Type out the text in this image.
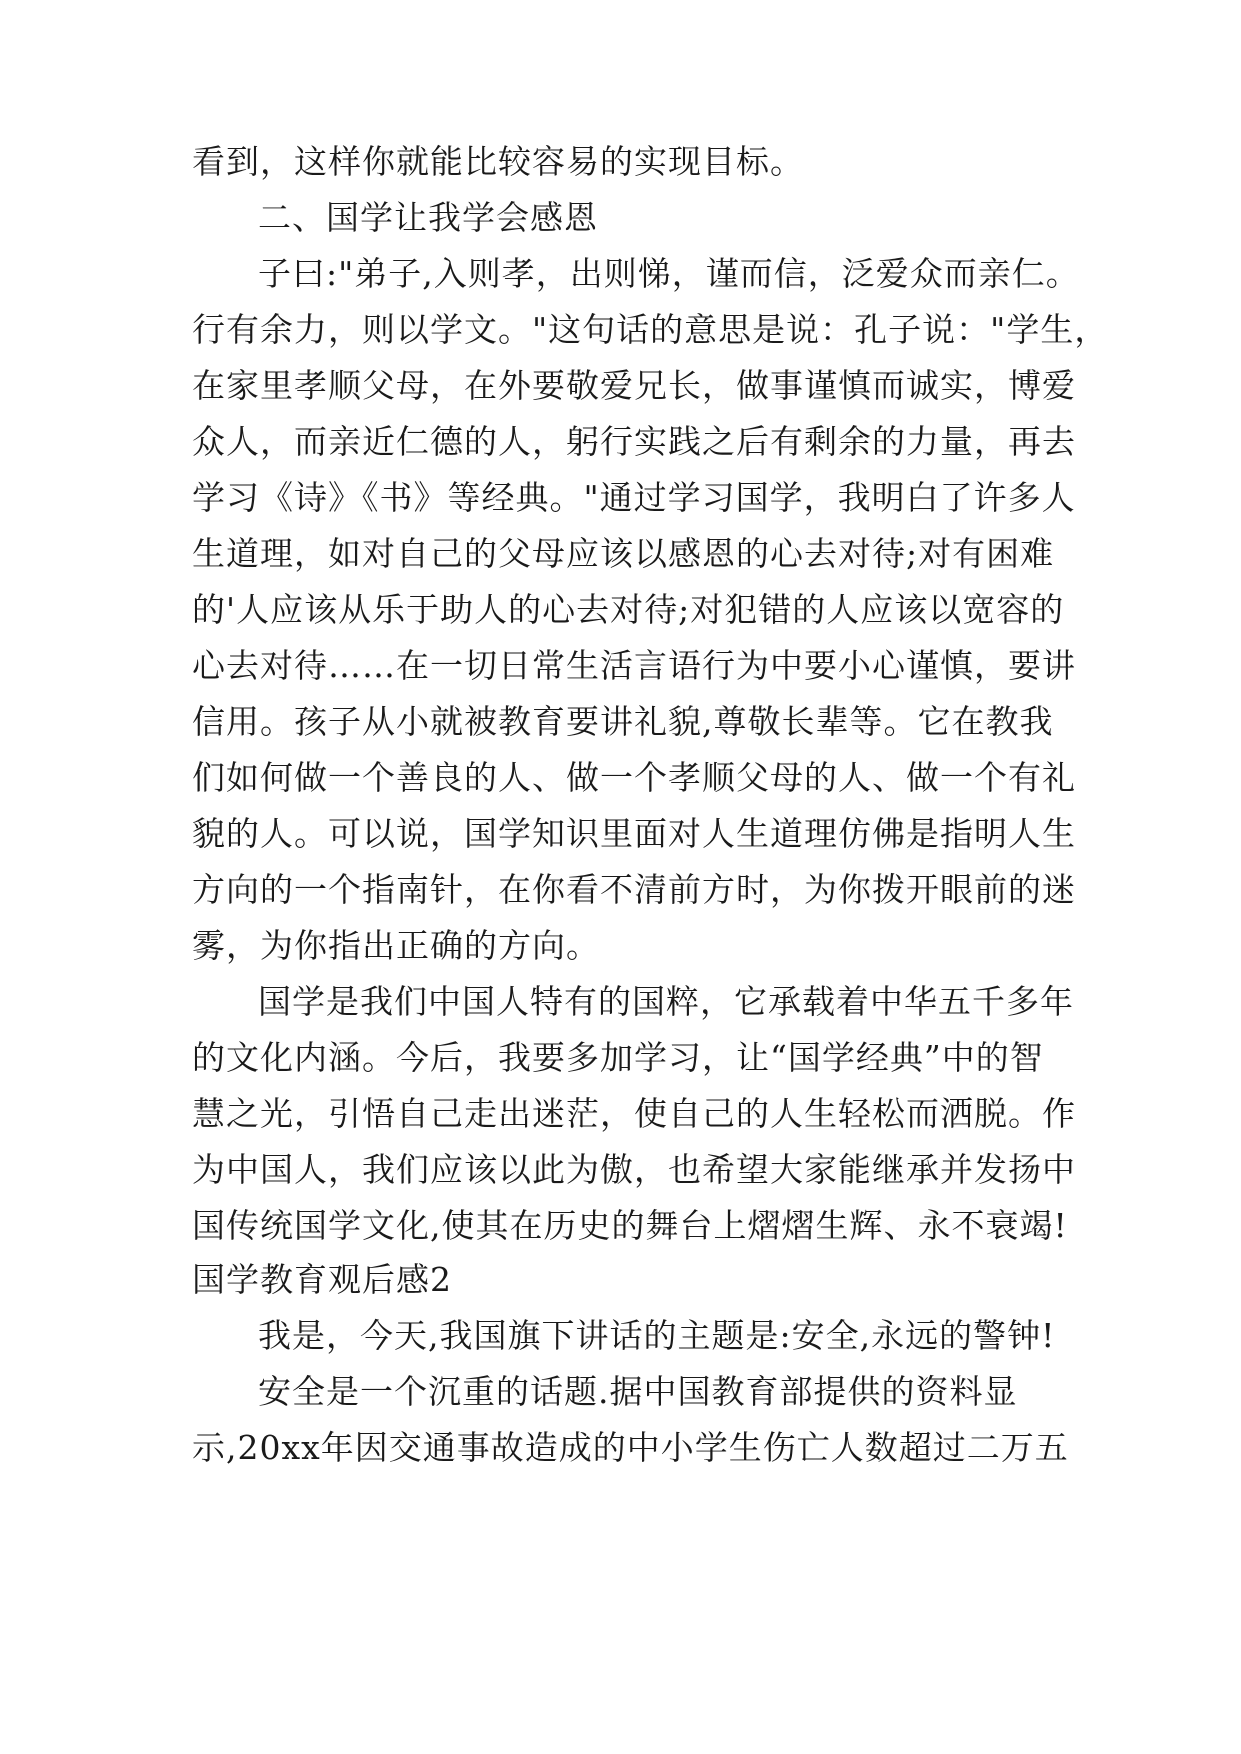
看到，这样你就能比较容易的实现目标。
二、国学让我学会感恩
子曰:"弟子,入则孝，出则悌，谨而信，泛爱众而亲仁。
行有余力，则以学文。"这句话的意思是说：孔子说："学生，
在家里孝顺父母，在外要敬爱兄长，做事谨慎而诚实，博爱
众人，而亲近仁德的人，躬行实践之后有剩余的力量，再去
学习《诗》《书》等经典。"通过学习国学，我明白了许多人
生道理，如对自己的父母应该以感恩的心去对待;对有困难
的'人应该从乐于助人的心去对待;对犯错的人应该以宽容的
心去对待……在一切日常生活言语行为中要小心谨慎，要讲
信用。孩子从小就被教育要讲礼貌,尊敬长辈等。它在教我
们如何做一个善良的人、做一个孝顺父母的人、做一个有礼
貌的人。可以说，国学知识里面对人生道理仿佛是指明人生
方向的一个指南针，在你看不清前方时，为你拨开眼前的迷
雾，为你指出正确的方向。
国学是我们中国人特有的国粹，它承载着中华五千多年
的文化内涵。今后，我要多加学习，让“国学经典”中的智
慧之光，引悟自己走出迷茫，使自己的人生轻松而洒脱。作
为中国人，我们应该以此为傲，也希望大家能继承并发扬中
国传统国学文化,使其在历史的舞台上熠熠生辉、永不衰竭!
国学教育观后感2
我是，今天,我国旗下讲话的主题是:安全,永远的警钟!
安全是一个沉重的话题.据中国教育部提供的资料显
示,20xx年因交通事故造成的中小学生伤亡人数超过二万五
